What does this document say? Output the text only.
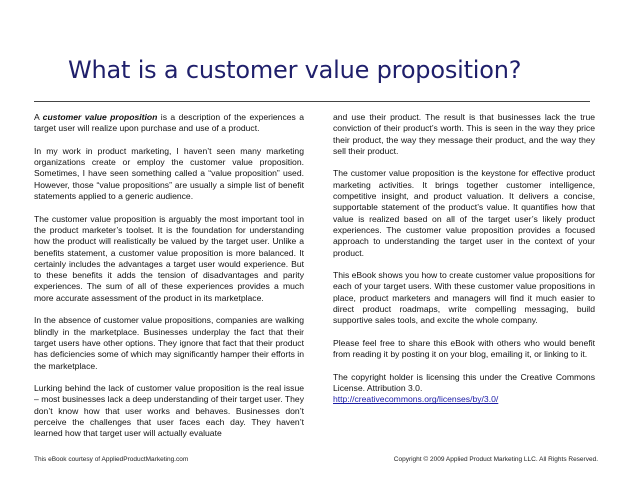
What is a customer value proposition?

A customer value proposition is a description of the experiences a target user will realize upon purchase and use of a product.

In my work in product marketing, I haven’t seen many marketing organizations create or employ the customer value proposition. Sometimes, I have seen something called a “value proposition” used. However, those “value propositions” are usually a simple list of benefit statements applied to a generic audience.

The customer value proposition is arguably the most important tool in the product marketer’s toolset. It is the foundation for understanding how the product will realistically be valued by the target user. Unlike a benefits statement, a customer value proposition is more balanced. It certainly includes the advantages a target user would experience. But to these benefits it adds the tension of disadvantages and parity experiences. The sum of all of these experiences provides a much more accurate assessment of the product in its marketplace.

In the absence of customer value propositions, companies are walking blindly in the marketplace. Businesses underplay the fact that their target users have other options. They ignore that fact that their product has deficiencies some of which may significantly hamper their efforts in the marketplace.

Lurking behind the lack of customer value proposition is the real issue – most businesses lack a deep understanding of their target user. They don’t know how that user works and behaves. Businesses don’t perceive the challenges that user faces each day. They haven’t learned how that target user will actually evaluate

and use their product. The result is that businesses lack the true conviction of their product’s worth. This is seen in the way they price their product, the way they message their product, and the way they sell their product.

The customer value proposition is the keystone for effective product marketing activities. It brings together customer intelligence, competitive insight, and product valuation. It delivers a concise, supportable statement of the product’s value. It quantifies how that value is realized based on all of the target user’s likely product experiences. The customer value proposition provides a focused approach to understanding the target user in the context of your product.

This eBook shows you how to create customer value propositions for each of your target users. With these customer value propositions in place, product marketers and managers will find it much easier to direct product roadmaps, write compelling messaging, build supportive sales tools, and excite the whole company.

Please feel free to share this eBook with others who would benefit from reading it by posting it on your blog, emailing it, or linking to it.

The copyright holder is licensing this under the Creative Commons License. Attribution 3.0.
http://creativecommons.org/licenses/by/3.0/

This eBook courtesy of AppliedProductMarketing.com	Copyright © 2009 Applied Product Marketing LLC. All Rights Reserved.
